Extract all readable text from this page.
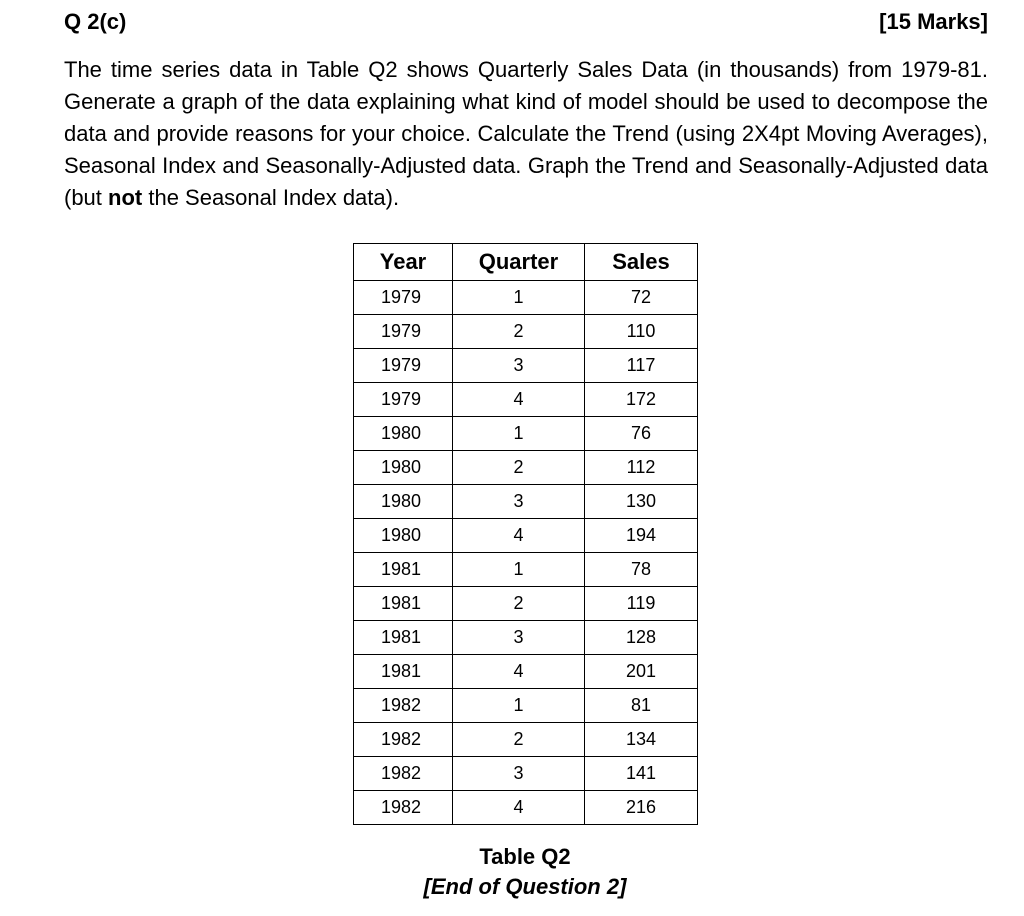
Q 2(c)	[15 Marks]

The time series data in Table Q2 shows Quarterly Sales Data (in thousands) from 1979-81. Generate a graph of the data explaining what kind of model should be used to decompose the data and provide reasons for your choice. Calculate the Trend (using 2X4pt Moving Averages), Seasonal Index and Seasonally-Adjusted data. Graph the Trend and Seasonally-Adjusted data (but not the Seasonal Index data).

Year	Quarter	Sales
1979	1	72
1979	2	110
1979	3	117
1979	4	172
1980	1	76
1980	2	112
1980	3	130
1980	4	194
1981	1	78
1981	2	119
1981	3	128
1981	4	201
1982	1	81
1982	2	134
1982	3	141
1982	4	216
Table Q2
[End of Question 2]
